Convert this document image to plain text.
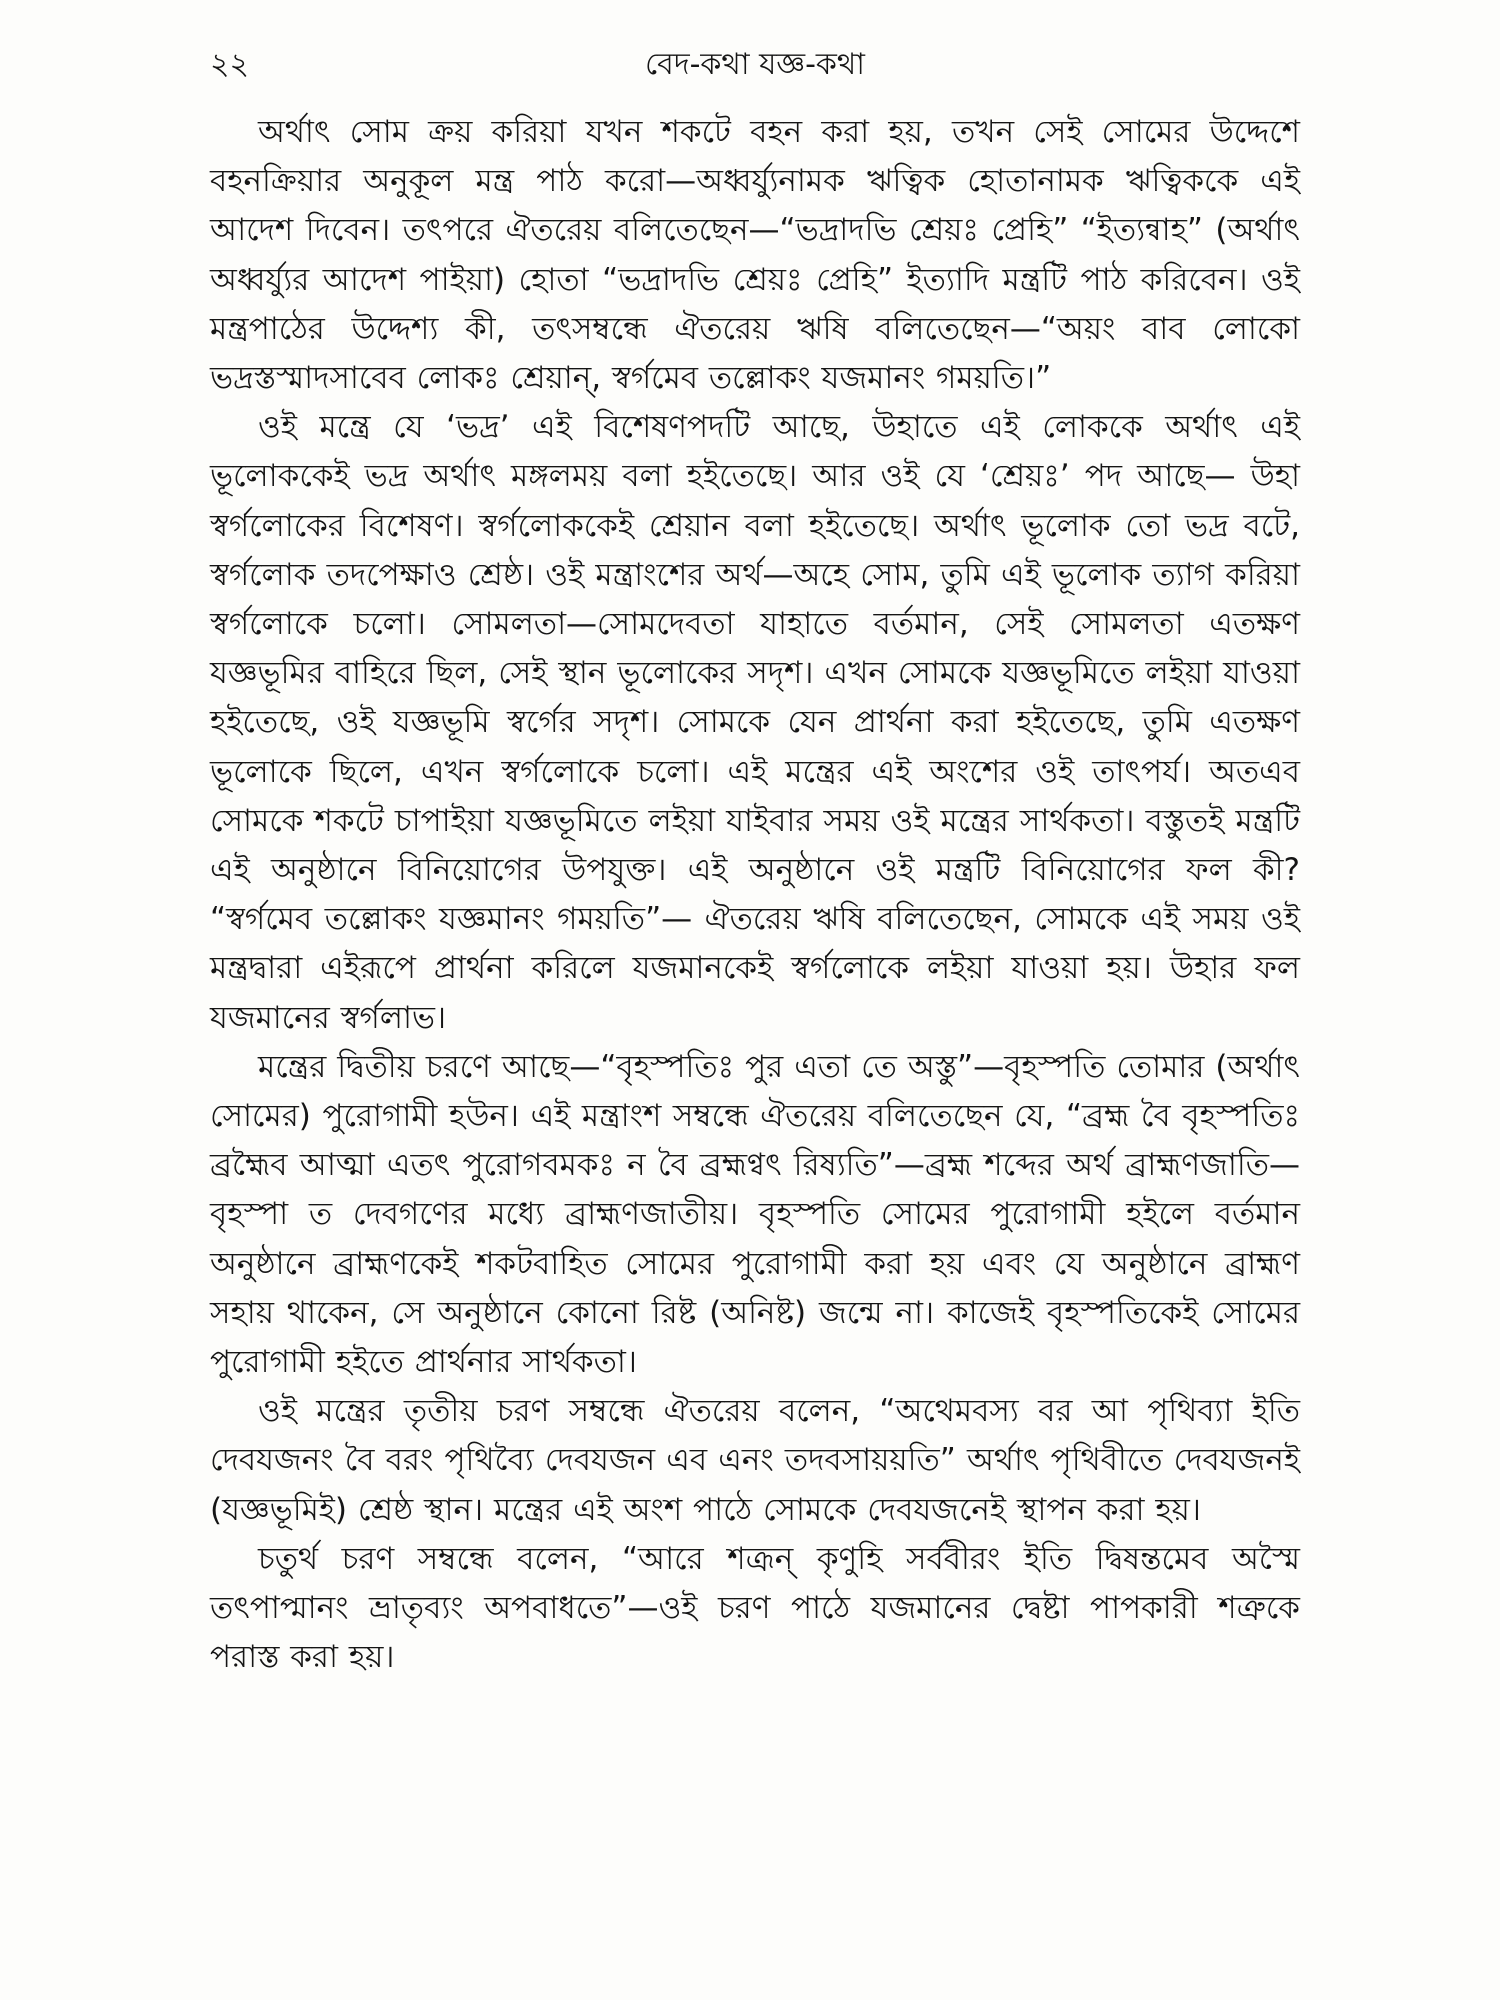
২২	বেদ-কথা যজ্ঞ-কথা

অর্থাৎ সোম ক্রয় করিয়া যখন শকটে বহন করা হয়, তখন সেই সোমের উদ্দেশে বহনক্রিয়ার অনুকূল মন্ত্র পাঠ করো—অধ্বর্য্যুনামক ঋত্বিক হোতানামক ঋত্বিককে এই আদেশ দিবেন। তৎপরে ঐতরেয় বলিতেছেন—“ভদ্রাদভি শ্রেয়ঃ প্রেহি” “ইত্যন্বাহ” (অর্থাৎ অধ্বর্য্যুর আদেশ পাইয়া) হোতা “ভদ্রাদভি শ্রেয়ঃ প্রেহি” ইত্যাদি মন্ত্রটি পাঠ করিবেন। ওই মন্ত্রপাঠের উদ্দেশ্য কী, তৎসম্বন্ধে ঐতরেয় ঋষি বলিতেছেন—“অয়ং বাব লোকো ভদ্রস্তস্মাদসাবেব লোকঃ শ্রেয়ান্‌, স্বর্গমেব তল্লোকং যজমানং গময়তি।”

ওই মন্ত্রে যে ‘ভদ্র’ এই বিশেষণপদটি আছে, উহাতে এই লোককে অর্থাৎ এই ভূলোককেই ভদ্র অর্থাৎ মঙ্গলময় বলা হইতেছে। আর ওই যে ‘শ্রেয়ঃ’ পদ আছে— উহা স্বর্গলোকের বিশেষণ। স্বর্গলোককেই শ্রেয়ান বলা হইতেছে। অর্থাৎ ভূলোক তো ভদ্র বটে, স্বর্গলোক তদপেক্ষাও শ্রেষ্ঠ। ওই মন্ত্রাংশের অর্থ—অহে সোম, তুমি এই ভূলোক ত্যাগ করিয়া স্বর্গলোকে চলো। সোমলতা—সোমদেবতা যাহাতে বর্তমান, সেই সোমলতা এতক্ষণ যজ্ঞভূমির বাহিরে ছিল, সেই স্থান ভূলোকের সদৃশ। এখন সোমকে যজ্ঞভূমিতে লইয়া যাওয়া হইতেছে, ওই যজ্ঞভূমি স্বর্গের সদৃশ। সোমকে যেন প্রার্থনা করা হইতেছে, তুমি এতক্ষণ ভূলোকে ছিলে, এখন স্বর্গলোকে চলো। এই মন্ত্রের এই অংশের ওই তাৎপর্য। অতএব সোমকে শকটে চাপাইয়া যজ্ঞভূমিতে লইয়া যাইবার সময় ওই মন্ত্রের সার্থকতা। বস্তুতই মন্ত্রটি এই অনুষ্ঠানে বিনিয়োগের উপযুক্ত। এই অনুষ্ঠানে ওই মন্ত্রটি বিনিয়োগের ফল কী? “স্বর্গমেব তল্লোকং যজ্ঞমানং গময়তি”— ঐতরেয় ঋষি বলিতেছেন, সোমকে এই সময় ওই মন্ত্রদ্বারা এইরূপে প্রার্থনা করিলে যজমানকেই স্বর্গলোকে লইয়া যাওয়া হয়। উহার ফল যজমানের স্বর্গলাভ।

মন্ত্রের দ্বিতীয় চরণে আছে—“বৃহস্পতিঃ পুর এতা তে অস্তু”—বৃহস্পতি তোমার (অর্থাৎ সোমের) পুরোগামী হউন। এই মন্ত্রাংশ সম্বন্ধে ঐতরেয় বলিতেছেন যে, “ব্রহ্ম বৈ বৃহস্পতিঃ ব্রহ্মৈব আত্মা এতৎ পুরোগবমকঃ ন বৈ ব্রহ্মণ্বৎ রিষ্যতি”—ব্রহ্ম শব্দের অর্থ ব্রাহ্মণজাতি—বৃহস্পা ত দেবগণের মধ্যে ব্রাহ্মণজাতীয়। বৃহস্পতি সোমের পুরোগামী হইলে বর্তমান অনুষ্ঠানে ব্র‌াহ্মণকেই শকটবাহিত সোমের পুরোগামী করা হয় এবং যে অনুষ্ঠানে ব্রাহ্মণ সহায় থাকেন, সে অনুষ্ঠানে কোনো রিষ্ট (অনিষ্ট) জন্মে না। কাজেই বৃহস্পতিকেই সোমের পুরোগামী হইতে প্রার্থনার সার্থকতা।

ওই মন্ত্রের তৃতীয় চরণ সম্বন্ধে ঐতরেয় বলেন, “অথেমবস্য বর আ পৃথিব্যা ইতি দেবযজনং বৈ বরং পৃথিব্যৈ দেবযজন এব এনং তদবসায়য়তি” অর্থাৎ পৃথিবীতে দেবযজনই (যজ্ঞভূমিই) শ্রেষ্ঠ স্থান। মন্ত্রের এই অংশ পাঠে সোমকে দেবযজনেই স্থাপন করা হয়।

চতুর্থ চরণ সম্বন্ধে বলেন, “আরে শত্রূন্‌ কৃণুহি সর্ববীরং ইতি দ্বিষন্তমেব অস্মৈ তৎপাপ্মানং ভ্রাতৃব্যং অপবাধতে”—ওই চরণ পাঠে যজমানের দ্বেষ্টা পাপকারী শত্রুকে পরাস্ত করা হয়।
